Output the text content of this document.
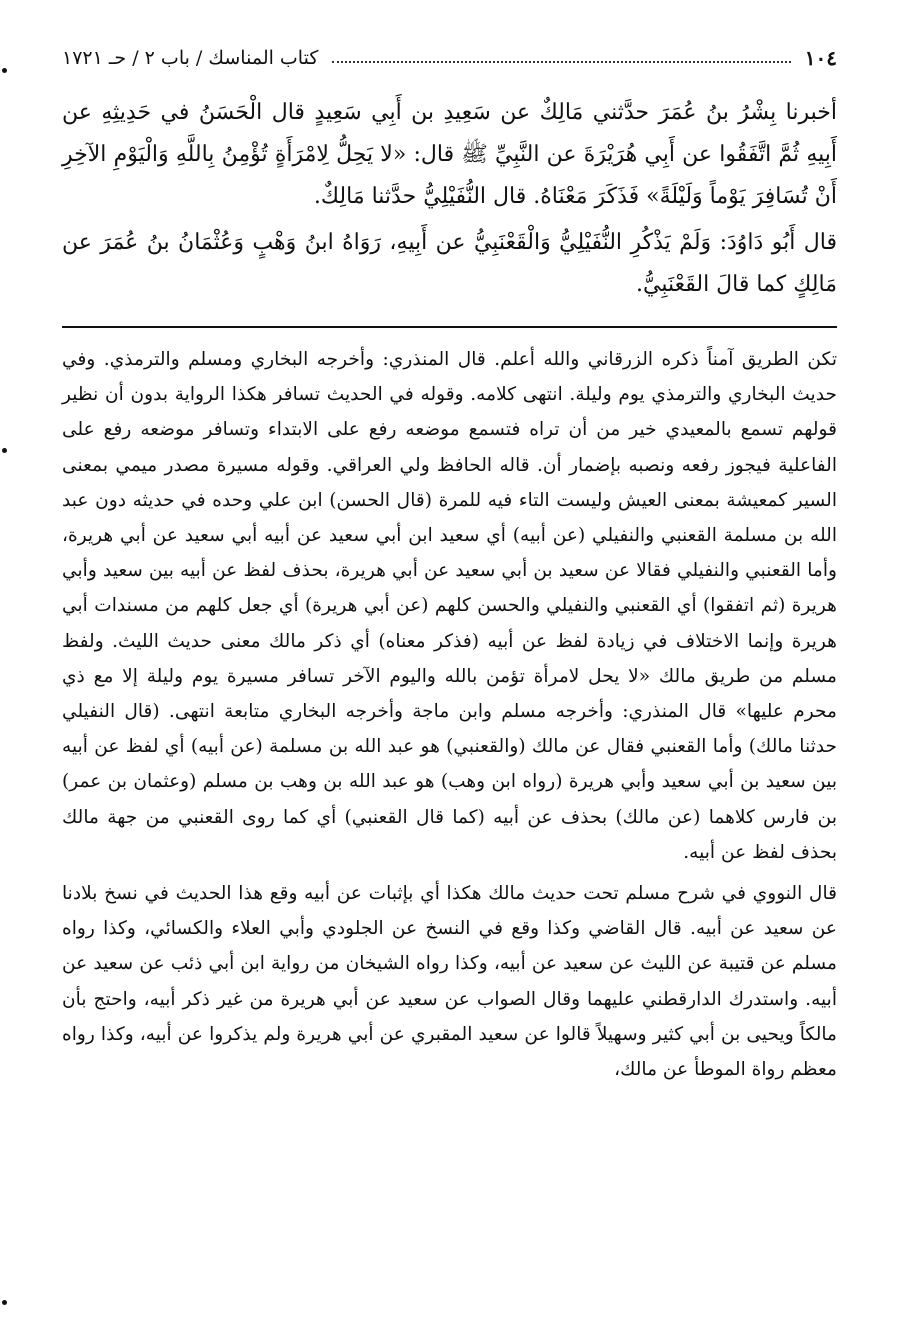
١٠٤
كتاب المناسك / باب ٢ / حـ ١٧٢١

أخبرنا بِشْرُ بنُ عُمَرَ حدَّثني مَالِكٌ عن سَعِيدِ بن أَبِي سَعِيدٍ قال الْحَسَنُ في حَدِيثِهِ عن أَبِيهِ ثُمَّ اتَّفَقُوا عن أَبِي هُرَيْرَةَ عن النَّبِيِّ ﷺ قال: «لا يَحِلُّ لِامْرَأَةٍ تُؤْمِنُ بِاللَّهِ وَالْيَوْمِ الآخِرِ أَنْ تُسَافِرَ يَوْماً وَلَيْلَةً» فَذَكَرَ مَعْنَاهُ. قال النُّفَيْلِيُّ حدَّثنا مَالِكٌ.

قال أَبُو دَاوُدَ: وَلَمْ يَذْكُرِ النُّفَيْلِيُّ وَالْقَعْنَبِيُّ عن أَبِيهِ، رَوَاهُ ابنُ وَهْبٍ وَعُثْمَانُ بنُ عُمَرَ عن مَالِكٍ كما قالَ القَعْنَبِيُّ.

تكن الطريق آمناً ذكره الزرقاني والله أعلم. قال المنذري: وأخرجه البخاري ومسلم والترمذي. وفي حديث البخاري والترمذي يوم وليلة. انتهى كلامه. وقوله في الحديث تسافر هكذا الرواية بدون أن نظير قولهم تسمع بالمعيدي خير من أن تراه فتسمع موضعه رفع على الابتداء وتسافر موضعه رفع على الفاعلية فيجوز رفعه ونصبه بإضمار أن. قاله الحافظ ولي العراقي. وقوله مسيرة مصدر ميمي بمعنى السير كمعيشة بمعنى العيش وليست التاء فيه للمرة (قال الحسن) ابن علي وحده في حديثه دون عبد الله بن مسلمة القعنبي والنفيلي (عن أبيه) أي سعيد ابن أبي سعيد عن أبيه أبي سعيد عن أبي هريرة، وأما القعنبي والنفيلي فقالا عن سعيد بن أبي سعيد عن أبي هريرة، بحذف لفظ عن أبيه بين سعيد وأبي هريرة (ثم اتفقوا) أي القعنبي والنفيلي والحسن كلهم (عن أبي هريرة) أي جعل كلهم من مسندات أبي هريرة وإنما الاختلاف في زيادة لفظ عن أبيه (فذكر معناه) أي ذكر مالك معنى حديث الليث. ولفظ مسلم من طريق مالك «لا يحل لامرأة تؤمن بالله واليوم الآخر تسافر مسيرة يوم وليلة إلا مع ذي محرم عليها» قال المنذري: وأخرجه مسلم وابن ماجة وأخرجه البخاري متابعة انتهى. (قال النفيلي حدثنا مالك) وأما القعنبي فقال عن مالك (والقعنبي) هو عبد الله بن مسلمة (عن أبيه) أي لفظ عن أبيه بين سعيد بن أبي سعيد وأبي هريرة (رواه ابن وهب) هو عبد الله بن وهب بن مسلم (وعثمان بن عمر) بن فارس كلاهما (عن مالك) بحذف عن أبيه (كما قال القعنبي) أي كما روى القعنبي من جهة مالك بحذف لفظ عن أبيه.

قال النووي في شرح مسلم تحت حديث مالك هكذا أي بإثبات عن أبيه وقع هذا الحديث في نسخ بلادنا عن سعيد عن أبيه. قال القاضي وكذا وقع في النسخ عن الجلودي وأبي العلاء والكسائي، وكذا رواه مسلم عن قتيبة عن الليث عن سعيد عن أبيه، وكذا رواه الشيخان من رواية ابن أبي ذئب عن سعيد عن أبيه. واستدرك الدارقطني عليهما وقال الصواب عن سعيد عن أبي هريرة من غير ذكر أبيه، واحتج بأن مالكاً ويحيى بن أبي كثير وسهيلاً قالوا عن سعيد المقبري عن أبي هريرة ولم يذكروا عن أبيه، وكذا رواه معظم رواة الموطأ عن مالك،
